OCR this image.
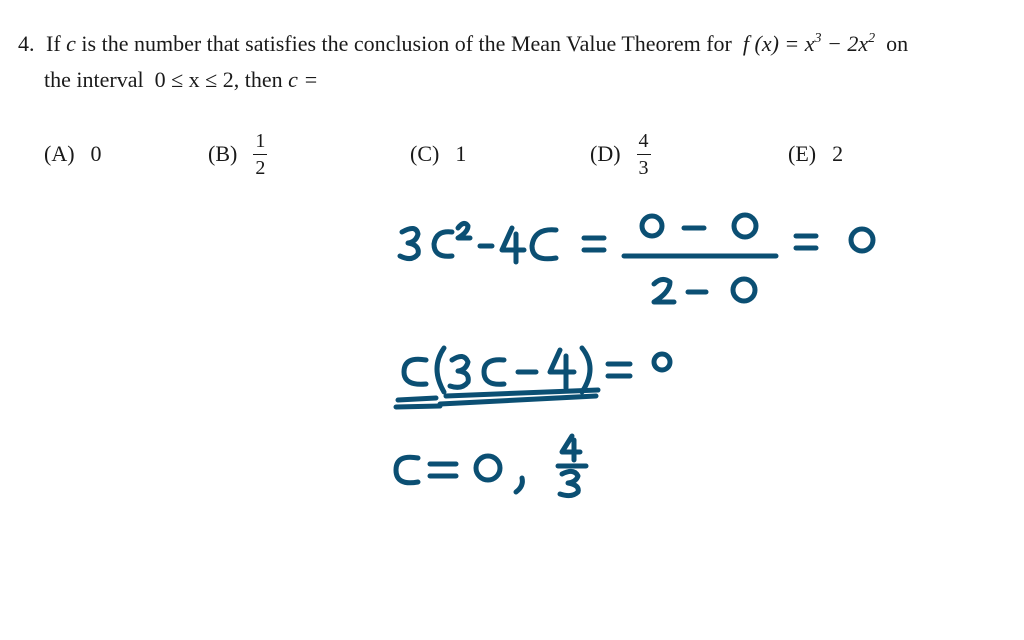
4. If c is the number that satisfies the conclusion of the Mean Value Theorem for f $(x) = x^3 - 2x^2$ on
the interval 0 ≤ x ≤ 2, then c =
(A) 0	$(B) \frac{1}{2}$	(C) 1	$(D) \frac{4}{3}$	(E) 2
